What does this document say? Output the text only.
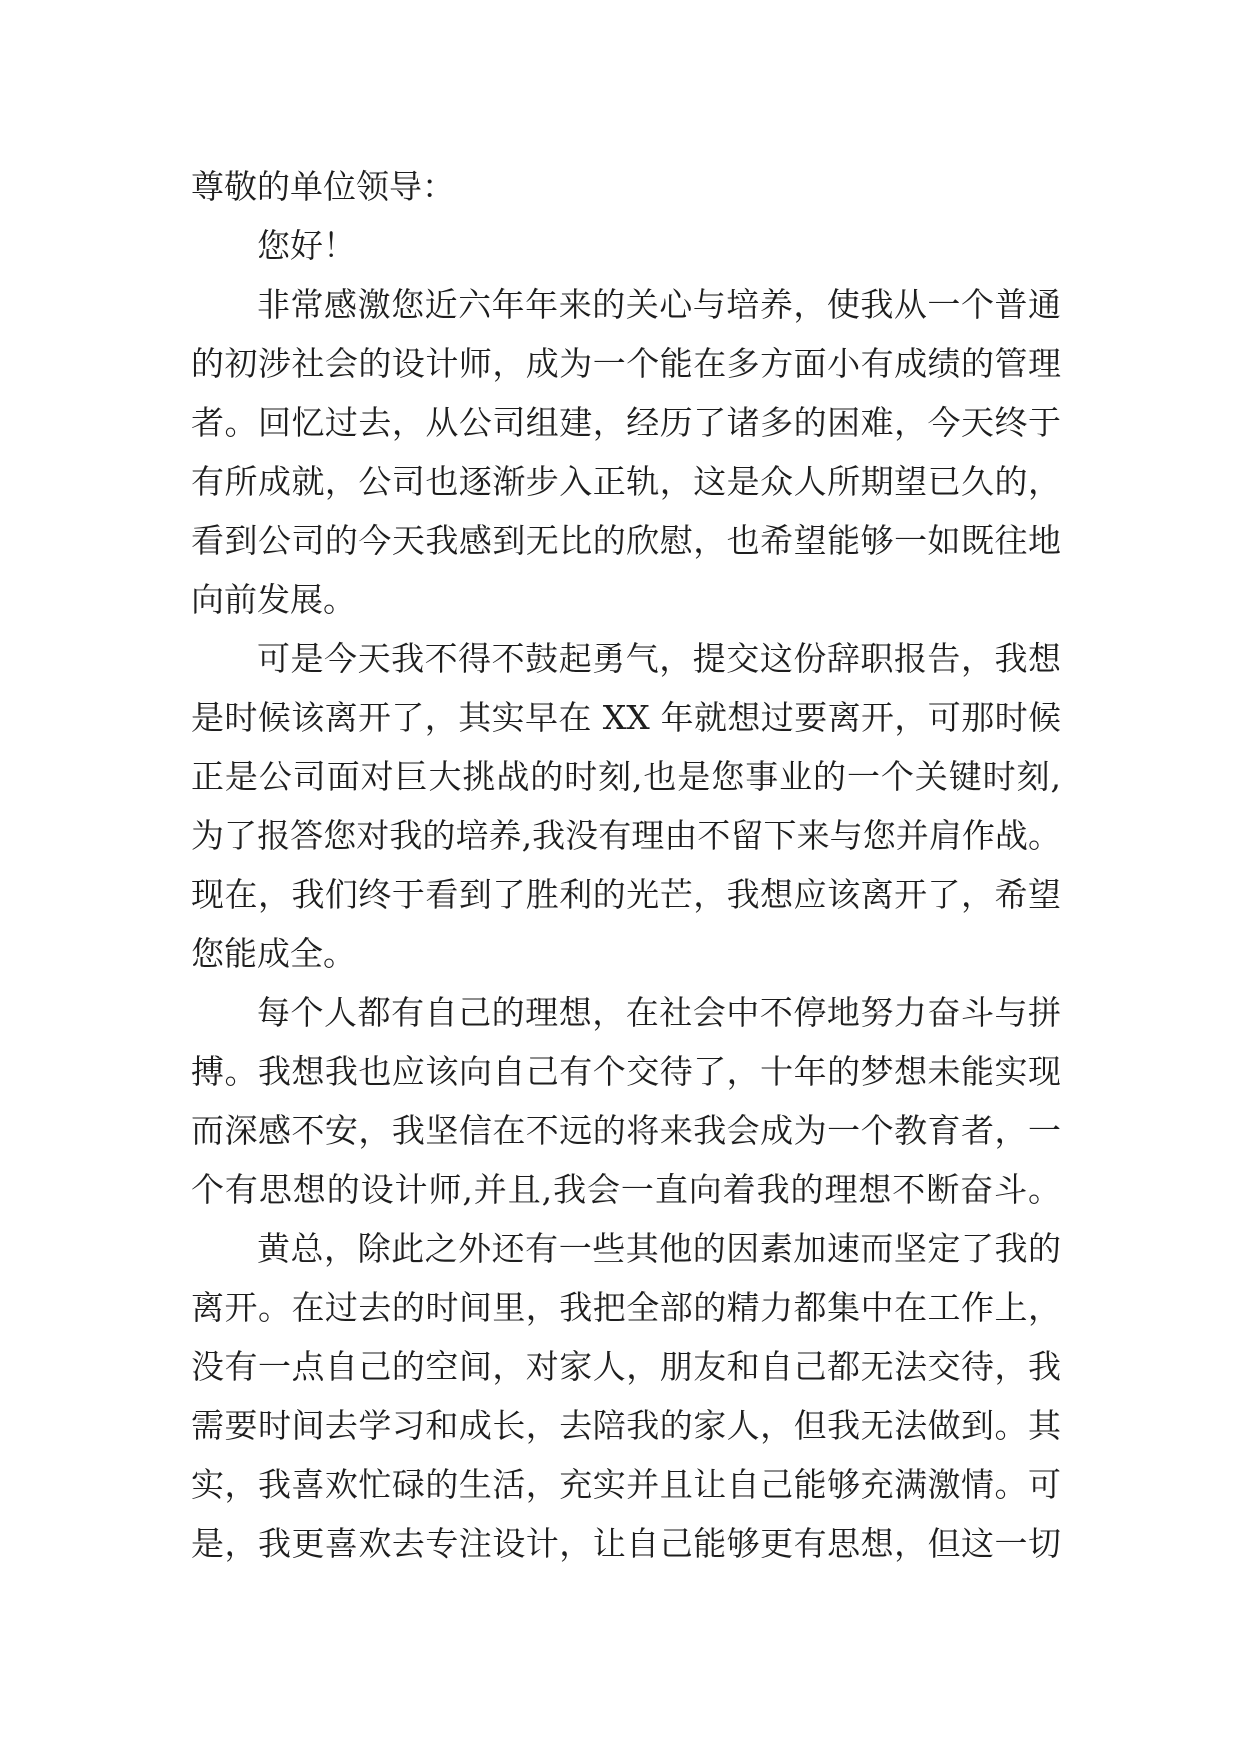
尊敬的单位领导：
您好！
非常感激您近六年年来的关心与培养，使我从一个普通
的初涉社会的设计师，成为一个能在多方面小有成绩的管理
者。回忆过去，从公司组建，经历了诸多的困难，今天终于
有所成就，公司也逐渐步入正轨，这是众人所期望已久的，
看到公司的今天我感到无比的欣慰，也希望能够一如既往地
向前发展。
可是今天我不得不鼓起勇气，提交这份辞职报告，我想
是时候该离开了，其实早在 XX 年就想过要离开，可那时候
正是公司面对巨大挑战的时刻,也是您事业的一个关键时刻,
为了报答您对我的培养,我没有理由不留下来与您并肩作战。
现在，我们终于看到了胜利的光芒，我想应该离开了，希望
您能成全。
每个人都有自己的理想，在社会中不停地努力奋斗与拼
搏。我想我也应该向自己有个交待了，十年的梦想未能实现
而深感不安，我坚信在不远的将来我会成为一个教育者，一
个有思想的设计师,并且,我会一直向着我的理想不断奋斗。
黄总，除此之外还有一些其他的因素加速而坚定了我的
离开。在过去的时间里，我把全部的精力都集中在工作上，
没有一点自己的空间，对家人，朋友和自己都无法交待，我
需要时间去学习和成长，去陪我的家人，但我无法做到。其
实，我喜欢忙碌的生活，充实并且让自己能够充满激情。可
是，我更喜欢去专注设计，让自己能够更有思想，但这一切
